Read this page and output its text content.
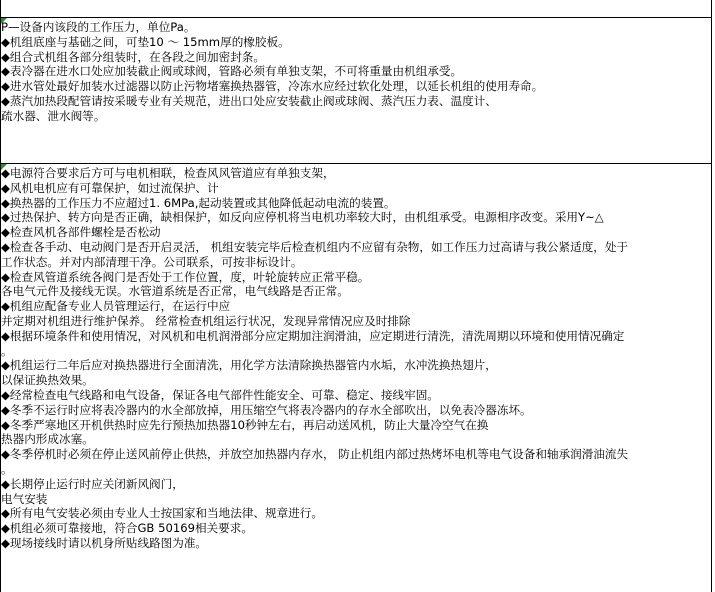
P—设备内该段的工作压力，单位Pa。
◆机组底座与基础之间，可垫10 ～ 15mm厚的橡胶板。
◆组合式机组各部分组装时，在各段之间加密封条。
◆表冷器在进水口处应加装截止阀或球阀，管路必须有单独支架，不可将重量由机组承受。
◆进水管处最好加装水过滤器以防止污物堵塞换热器管，冷冻水应经过软化处理，以延长机组的使用寿命。
◆蒸汽加热段配管请按采暖专业有关规范，进出口处应安装截止阀或球阀、蒸汽压力表、温度计、
疏水器、泄水阀等。
◆电源符合要求后方可与电机相联，检查风风管道应有单独支架，
◆风机电机应有可靠保护，如过流保护、计
◆换热器的工作压力不应超过1. 6MPa,起动装置或其他降低起动电流的装置。
◆过热保护、转方向是否正确，缺相保护，如反向应停机将当电机功率较大时，由机组承受。电源相序改变。采用Y~△
◆检查风机各部件螺栓是否松动
◆检查各手动、电动阀门是否开启灵活， 机组安装完毕后检查机组内不应留有杂物，如工作压力过高请与我公紧适度，处于
工作状态。并对内部清理干净。公司联系，可按非标设计。
◆检查风管道系统各阀门是否处于工作位置，度，叶轮旋转应正常平稳。
各电气元件及接线无误。水管道系统是否正常，电气线路是否正常。
◆机组应配备专业人员管理运行，在运行中应
并定期对机组进行维护保养。 经常检查机组运行状况，发现异常情况应及时排除
◆根据环境条件和使用情况，对风机和电机润滑部分应定期加注润滑油，应定期进行清洗，清洗周期以环境和使用情况确定
。
◆机组运行二年后应对换热器进行全面清洗，用化学方法清除换热器管内水垢，水冲洗换热翅片，
以保证换热效果。
◆经常检查电气线路和电气设备，保证各电气部件性能安全、可靠、稳定、接线牢固。
◆冬季不运行时应将表冷器内的水全部放掉，用压缩空气将表冷器内的存水全部吹出，以免表冷器冻坏。
◆冬季严寒地区开机供热时应先行预热加热器10秒钟左右，再启动送风机，防止大量冷空气在换
热器内形成冰塞。
◆冬季停机时必须在停止送风前停止供热，并放空加热器内存水， 防止机组内部过热烤坏电机等电气设备和轴承润滑油流失
。
◆长期停止运行时应关闭新风阀门，
电气安装
◆所有电气安装必须由专业人士按国家和当地法律、规章进行。
◆机组必须可靠接地，符合GB 50169相关要求。
◆现场接线时请以机身所贴线路图为准。
